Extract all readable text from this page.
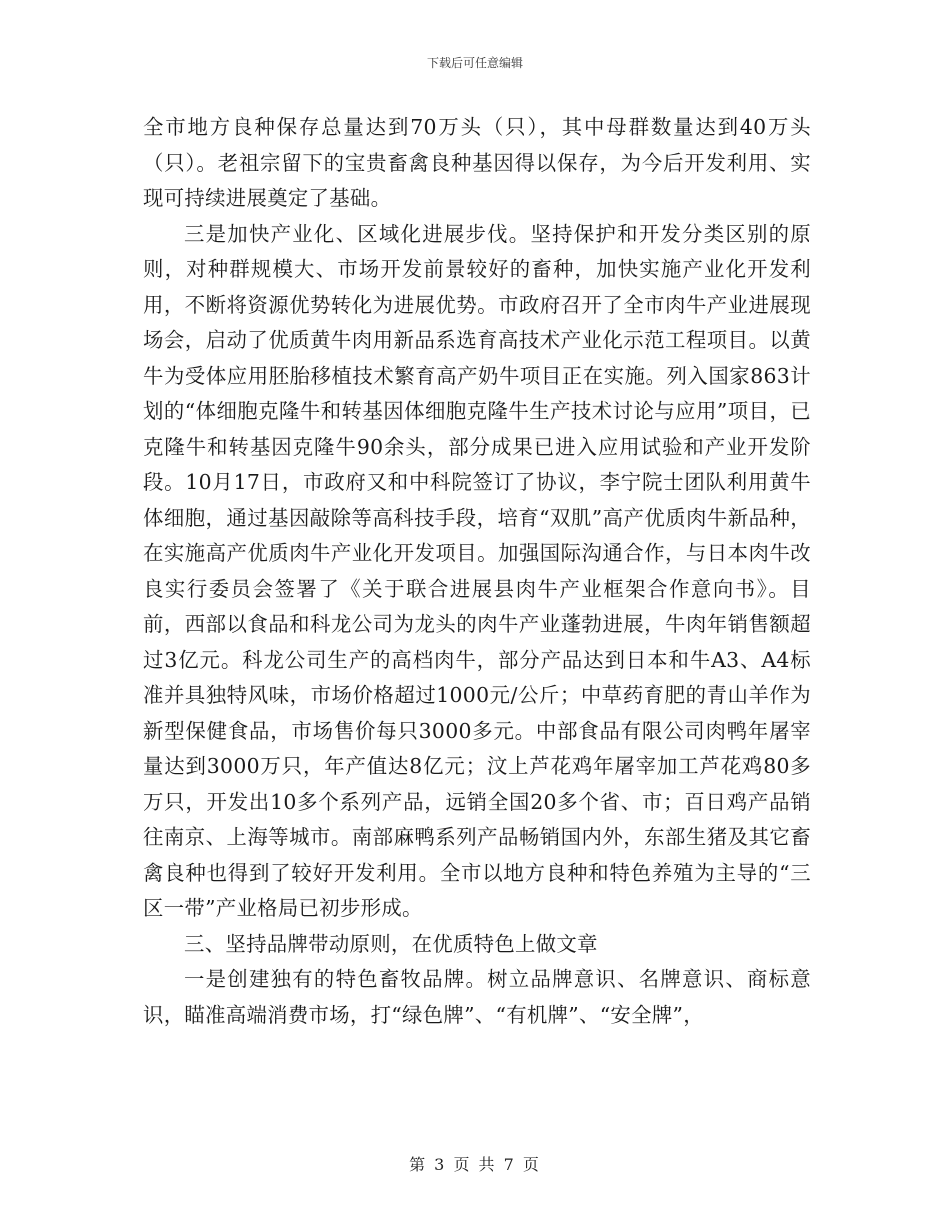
下载后可任意编辑

全市地方良种保存总量达到70万头（只），其中母群数量达到40万头（只）。老祖宗留下的宝贵畜禽良种基因得以保存，为今后开发利用、实现可持续进展奠定了基础。

三是加快产业化、区域化进展步伐。坚持保护和开发分类区别的原则，对种群规模大、市场开发前景较好的畜种，加快实施产业化开发利用，不断将资源优势转化为进展优势。市政府召开了全市肉牛产业进展现场会，启动了优质黄牛肉用新品系选育高技术产业化示范工程项目。以黄牛为受体应用胚胎移植技术繁育高产奶牛项目正在实施。列入国家863计划的“体细胞克隆牛和转基因体细胞克隆牛生产技术讨论与应用”项目，已克隆牛和转基因克隆牛90余头，部分成果已进入应用试验和产业开发阶段。10月17日，市政府又和中科院签订了协议，李宁院士团队利用黄牛体细胞，通过基因敲除等高科技手段，培育“双肌”高产优质肉牛新品种，在实施高产优质肉牛产业化开发项目。加强国际沟通合作，与日本肉牛改良实行委员会签署了《关于联合进展县肉牛产业框架合作意向书》。目前，西部以食品和科龙公司为龙头的肉牛产业蓬勃进展，牛肉年销售额超过3亿元。科龙公司生产的高档肉牛，部分产品达到日本和牛A3、A4标准并具独特风味，市场价格超过1000元/公斤；中草药育肥的青山羊作为新型保健食品，市场售价每只3000多元。中部食品有限公司肉鸭年屠宰量达到3000万只，年产值达8亿元；汶上芦花鸡年屠宰加工芦花鸡80多万只，开发出10多个系列产品，远销全国20多个省、市；百日鸡产品销往南京、上海等城市。南部麻鸭系列产品畅销国内外，东部生猪及其它畜禽良种也得到了较好开发利用。全市以地方良种和特色养殖为主导的“三区一带”产业格局已初步形成。

三、坚持品牌带动原则，在优质特色上做文章

一是创建独有的特色畜牧品牌。树立品牌意识、名牌意识、商标意识，瞄准高端消费市场，打“绿色牌”、“有机牌”、“安全牌”，

第 3 页 共 7 页
